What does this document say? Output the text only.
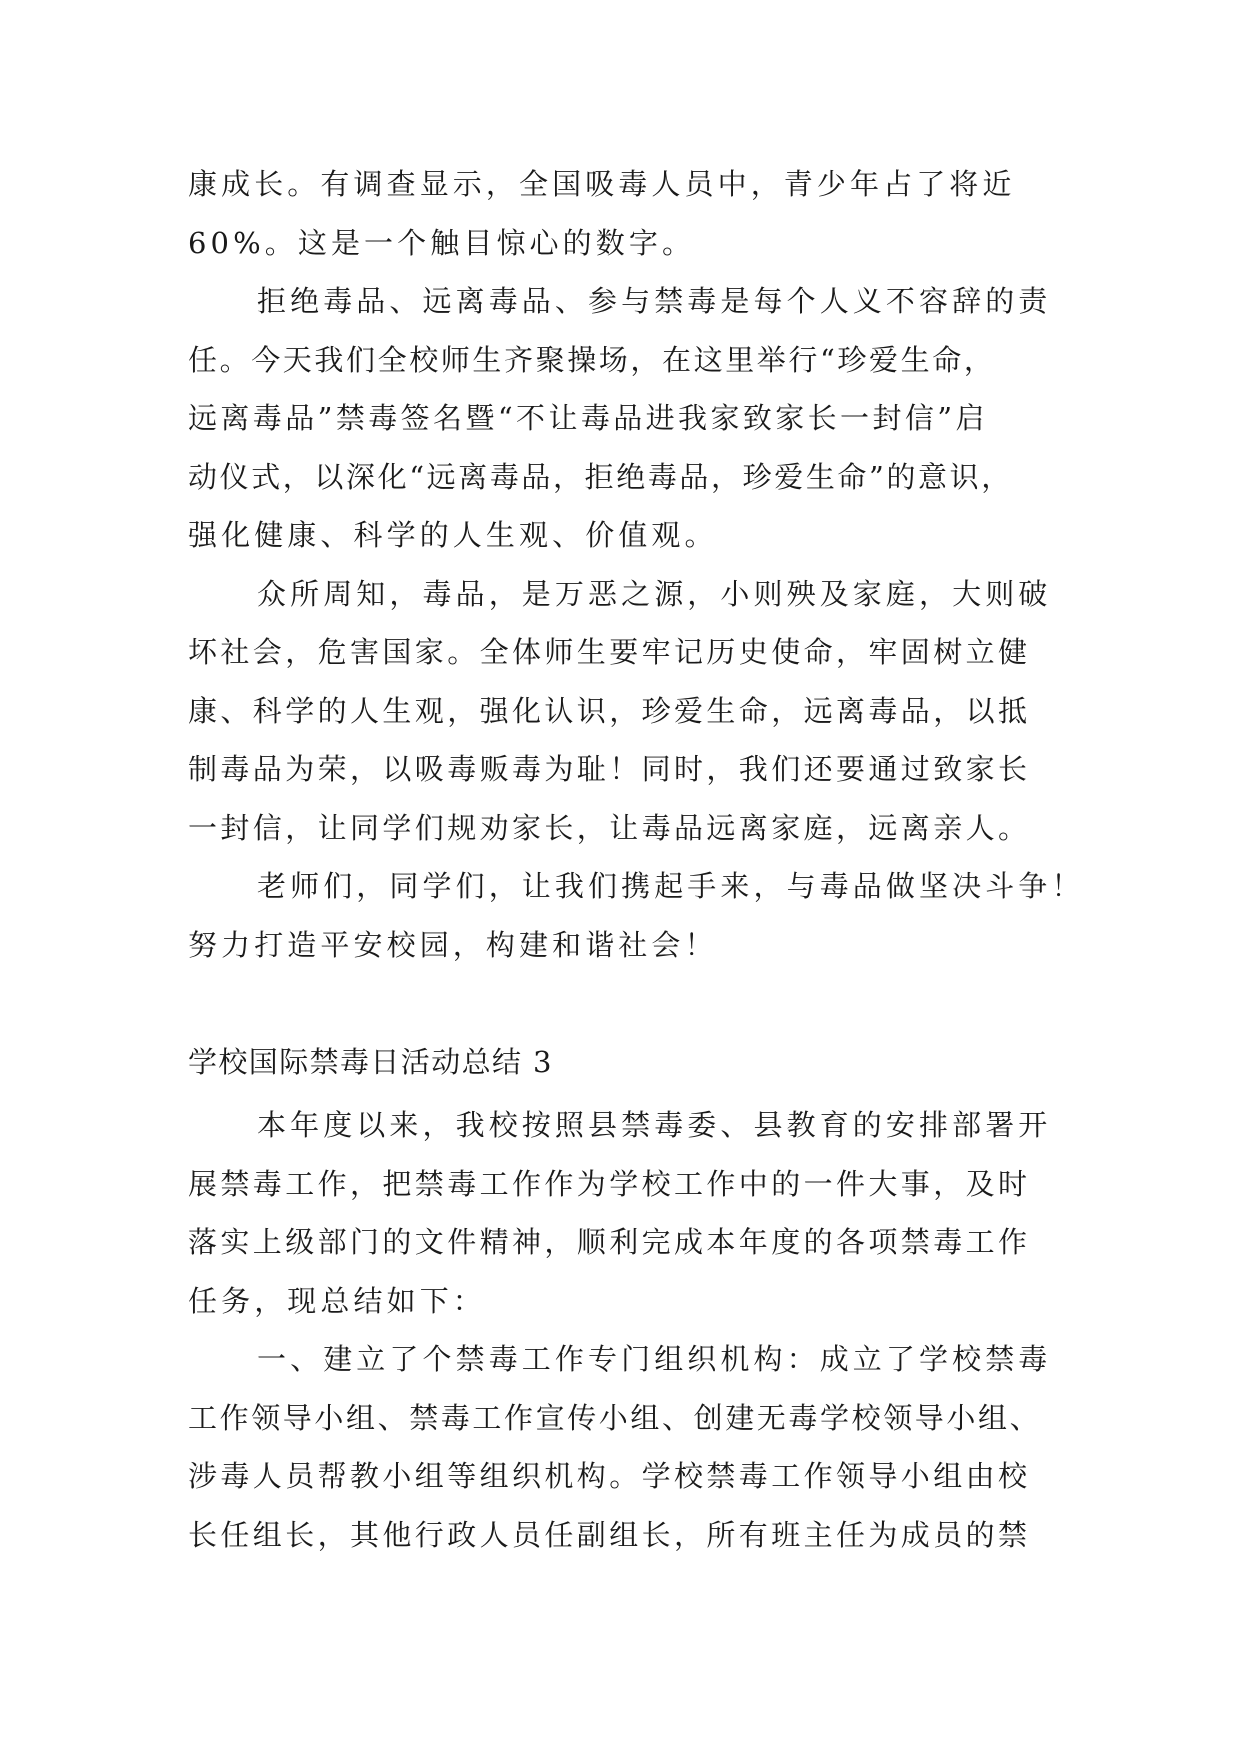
康成长。有调查显示，全国吸毒人员中，青少年占了将近
60%。这是一个触目惊心的数字。
拒绝毒品、远离毒品、参与禁毒是每个人义不容辞的责
任。今天我们全校师生齐聚操场，在这里举行“珍爱生命，
远离毒品”禁毒签名暨“不让毒品进我家致家长一封信”启
动仪式，以深化“远离毒品，拒绝毒品，珍爱生命”的意识，
强化健康、科学的人生观、价值观。
众所周知，毒品，是万恶之源，小则殃及家庭，大则破
坏社会，危害国家。全体师生要牢记历史使命，牢固树立健
康、科学的人生观，强化认识，珍爱生命，远离毒品，以抵
制毒品为荣，以吸毒贩毒为耻！同时，我们还要通过致家长
一封信，让同学们规劝家长，让毒品远离家庭，远离亲人。
老师们，同学们，让我们携起手来，与毒品做坚决斗争！
努力打造平安校园，构建和谐社会！
学校国际禁毒日活动总结 3
本年度以来，我校按照县禁毒委、县教育的安排部署开
展禁毒工作，把禁毒工作作为学校工作中的一件大事，及时
落实上级部门的文件精神，顺利完成本年度的各项禁毒工作
任务，现总结如下：
一、建立了个禁毒工作专门组织机构：成立了学校禁毒
工作领导小组、禁毒工作宣传小组、创建无毒学校领导小组、
涉毒人员帮教小组等组织机构。学校禁毒工作领导小组由校
长任组长，其他行政人员任副组长，所有班主任为成员的禁
